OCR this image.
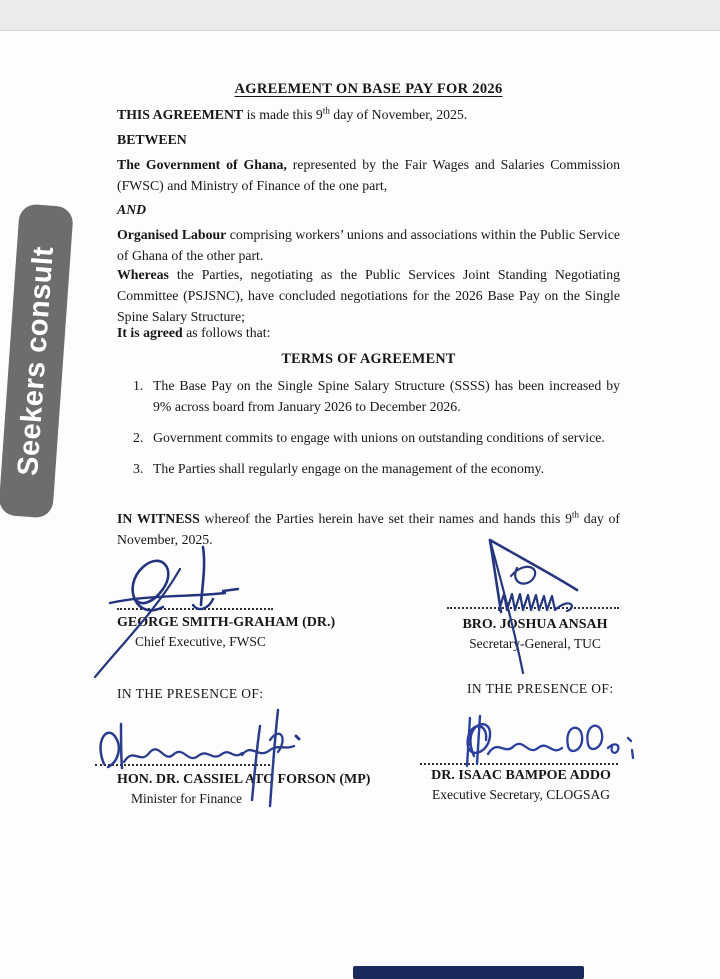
Seekers consult

AGREEMENT ON BASE PAY FOR 2026

THIS AGREEMENT is made this 9th day of November, 2025.

BETWEEN

The Government of Ghana, represented by the Fair Wages and Salaries Commission (FWSC) and Ministry of Finance of the one part,

AND

Organised Labour comprising workers’ unions and associations within the Public Service of Ghana of the other part.

Whereas the Parties, negotiating as the Public Services Joint Standing Negotiating Committee (PSJSNC), have concluded negotiations for the 2026 Base Pay on the Single Spine Salary Structure;

It is agreed as follows that:

TERMS OF AGREEMENT

1. The Base Pay on the Single Spine Salary Structure (SSSS) has been increased by 9% across board from January 2026 to December 2026.

2. Government commits to engage with unions on outstanding conditions of service.

3. The Parties shall regularly engage on the management of the economy.

IN WITNESS whereof the Parties herein have set their names and hands this 9th day of November, 2025.

GEORGE SMITH-GRAHAM (DR.)
Chief Executive, FWSC
BRO. JOSHUA ANSAH
Secretary-General, TUC
IN THE PRESENCE OF:	IN THE PRESENCE OF:
HON. DR. CASSIEL ATO FORSON (MP)
Minister for Finance
DR. ISAAC BAMPOE ADDO
Executive Secretary, CLOGSAG
